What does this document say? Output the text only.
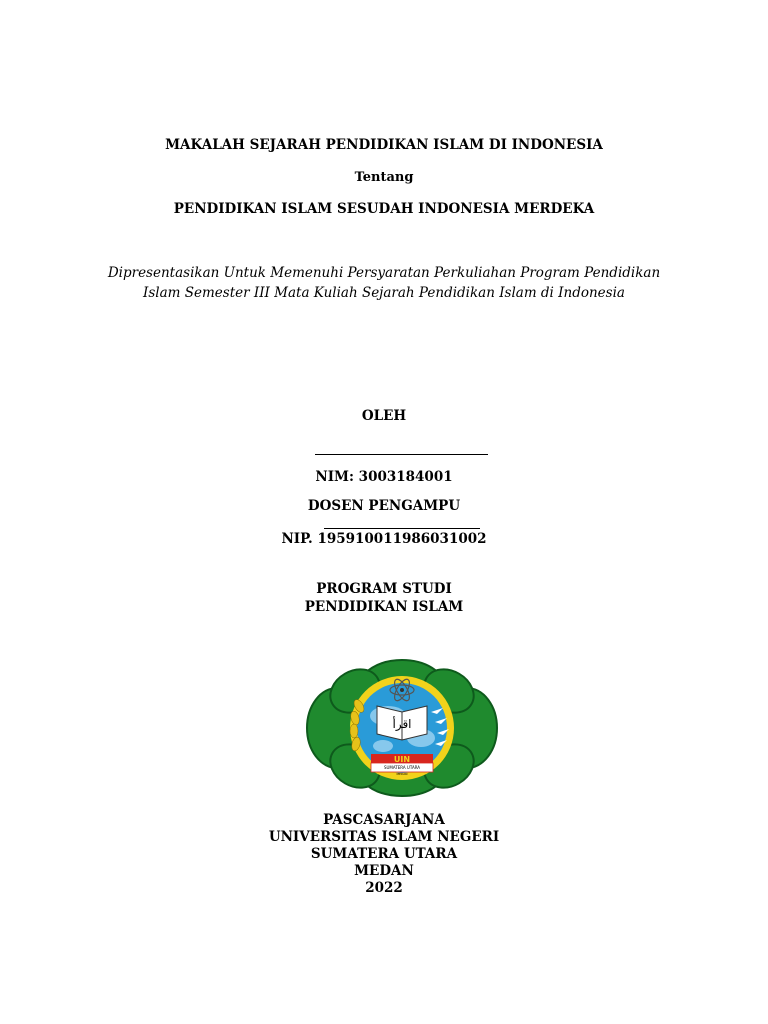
MAKALAH SEJARAH PENDIDIKAN ISLAM DI INDONESIA
Tentang
PENDIDIKAN ISLAM SESUDAH INDONESIA MERDEKA
Dipresentasikan Untuk Memenuhi Persyaratan Perkuliahan Program Pendidikan
Islam Semester III Mata Kuliah Sejarah Pendidikan Islam di Indonesia
OLEH
NIM: 3003184001
DOSEN PENGAMPU
NIP. 195910011986031002
PROGRAM STUDI
PENDIDIKAN ISLAM
اقرأ
UIN
SUMATERA UTARA
MEDAN
PASCASARJANA
UNIVERSITAS ISLAM NEGERI
SUMATERA UTARA
MEDAN
2022
